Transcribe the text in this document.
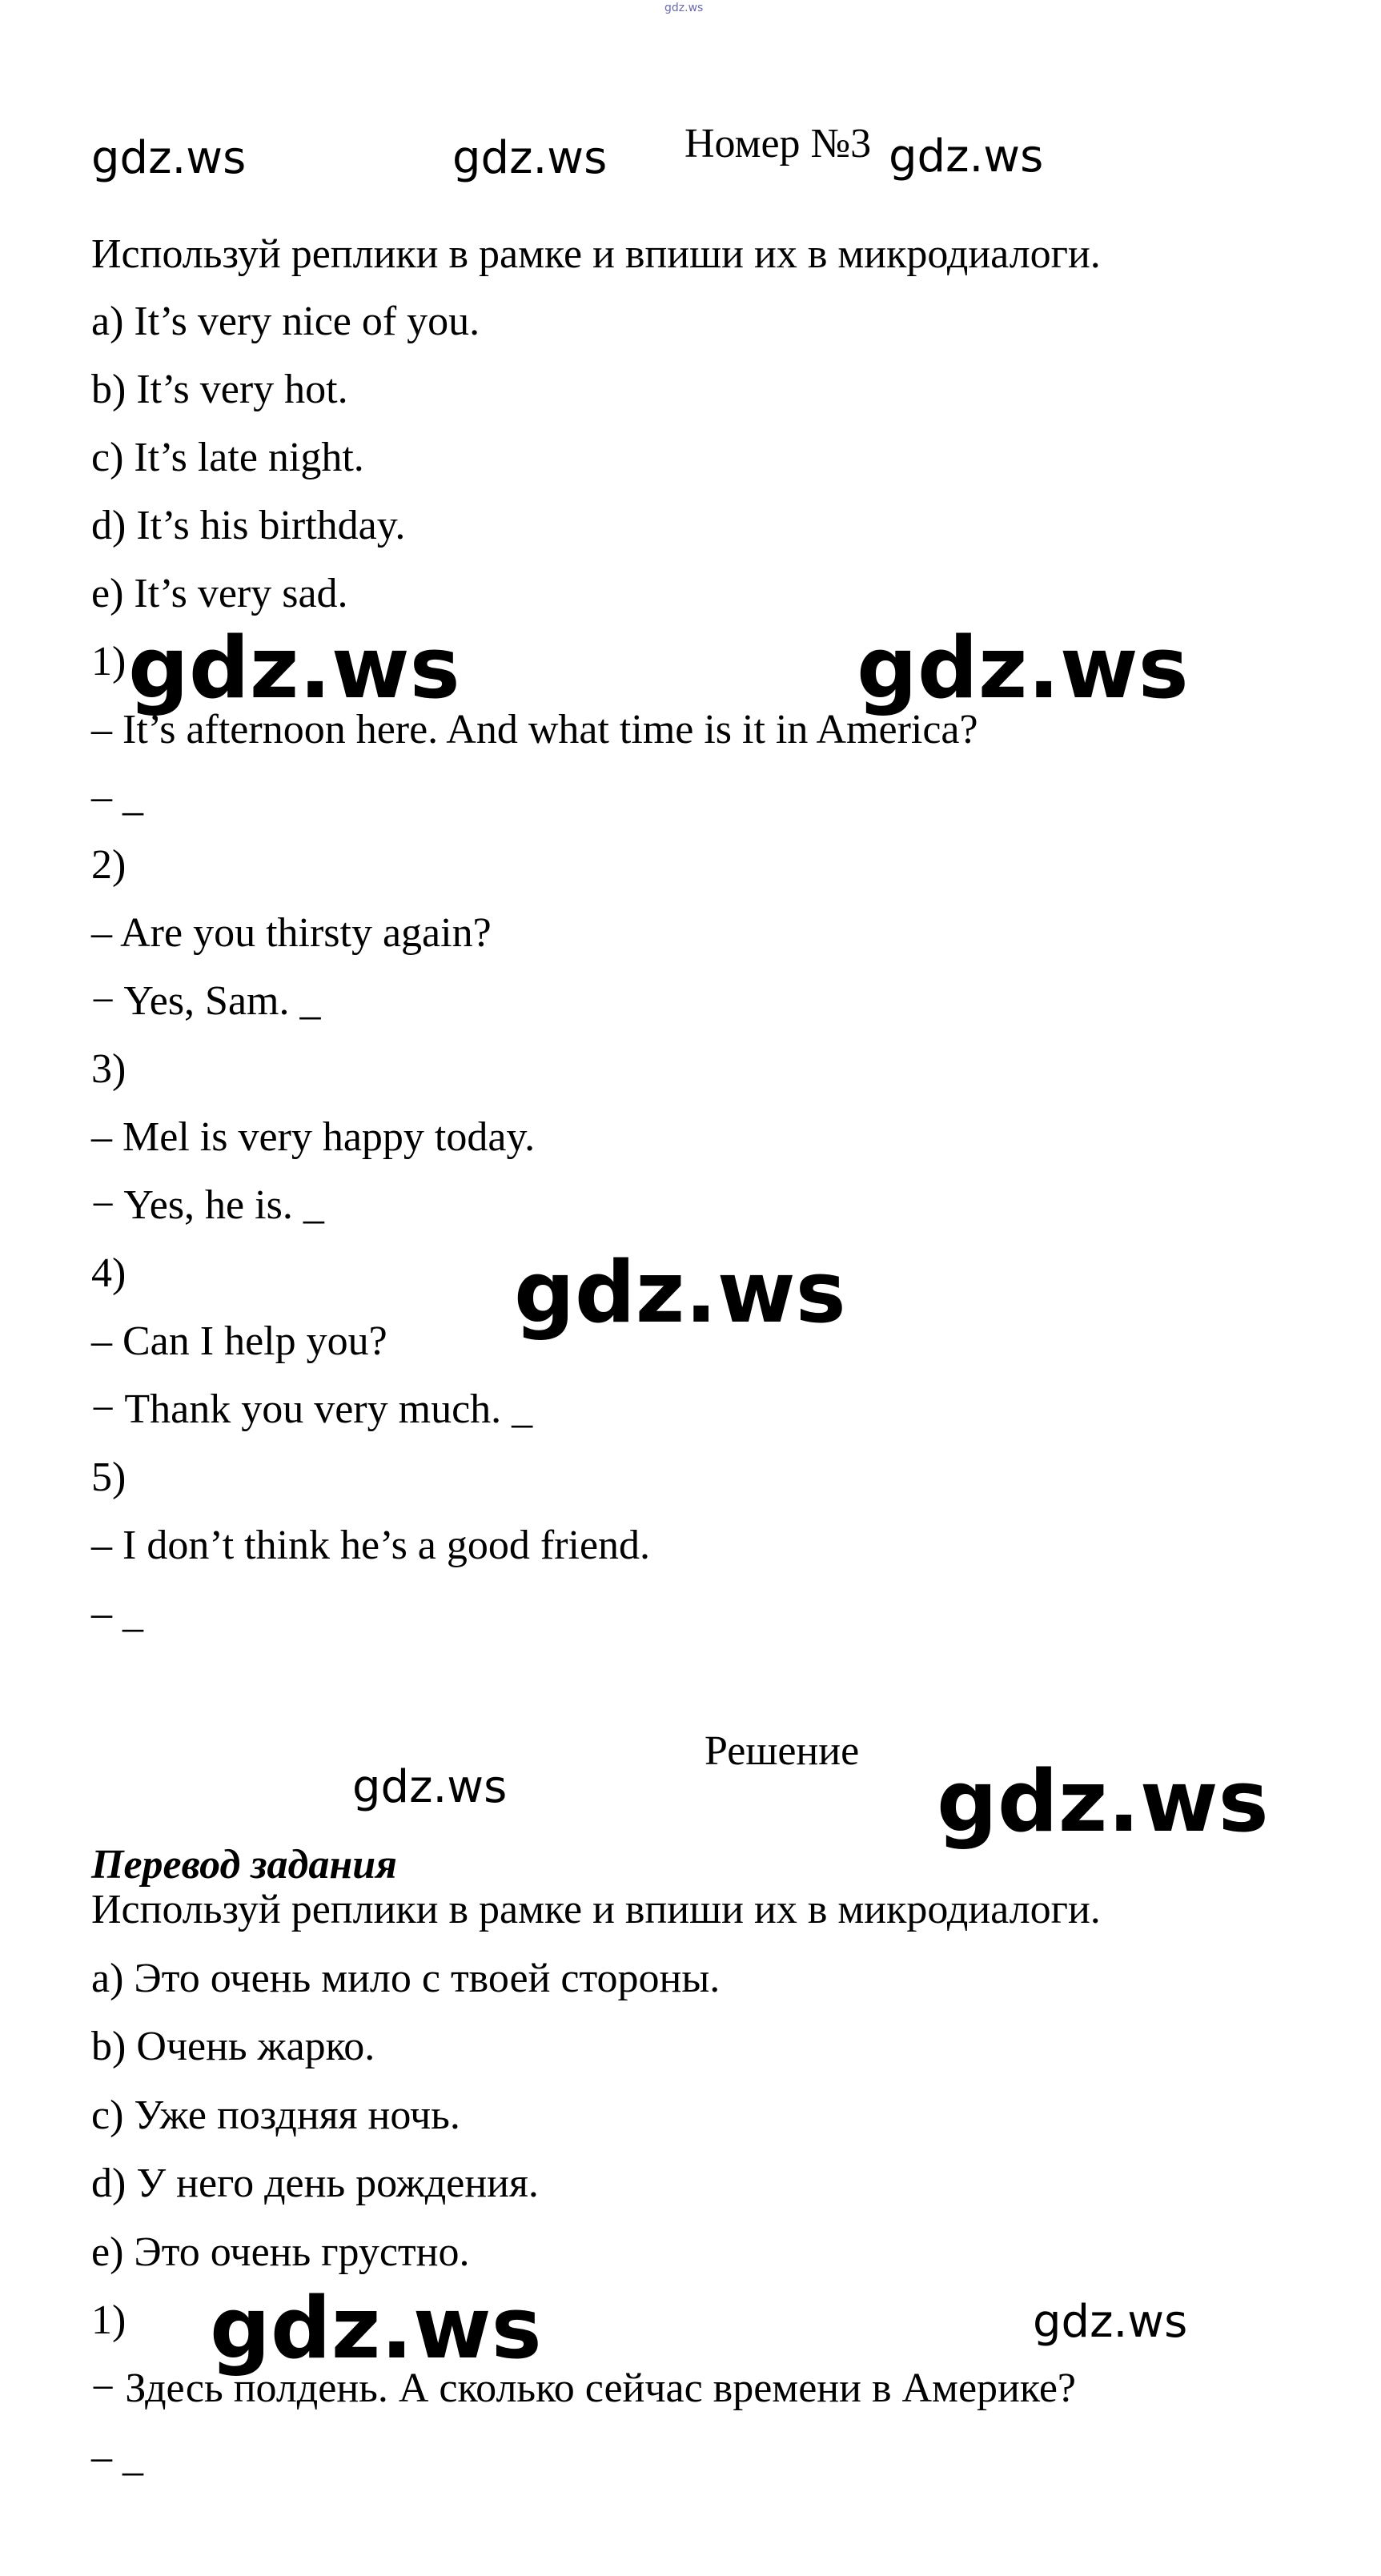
gdz.ws
gdz.ws	gdz.ws Номер №3 gdz.ws
Используй реплики в рамке и впиши их в микродиалоги.
a) It’s very nice of you.
b) It’s very hot.
c) It’s late night.
d) It’s his birthday.
e) It’s very sad.
1) gdz.ws	gdz.ws
– It’s afternoon here. And what time is it in America?
– _
2)
– Are you thirsty again?
− Yes, Sam. _
3)
– Mel is very happy today.
− Yes, he is. _
4)	gdz.ws
– Can I help you?
− Thank you very much. _
5)
– I don’t think he’s a good friend.
– _
Решение
gdz.ws	gdz.ws
Перевод задания
Используй реплики в рамке и впиши их в микродиалоги.
a) Это очень мило с твоей стороны.
b) Очень жарко.
c) Уже поздняя ночь.
d) У него день рождения.
e) Это очень грустно.
1) gdz.ws	gdz.ws
− Здесь полдень. А сколько сейчас времени в Америке?
– _
